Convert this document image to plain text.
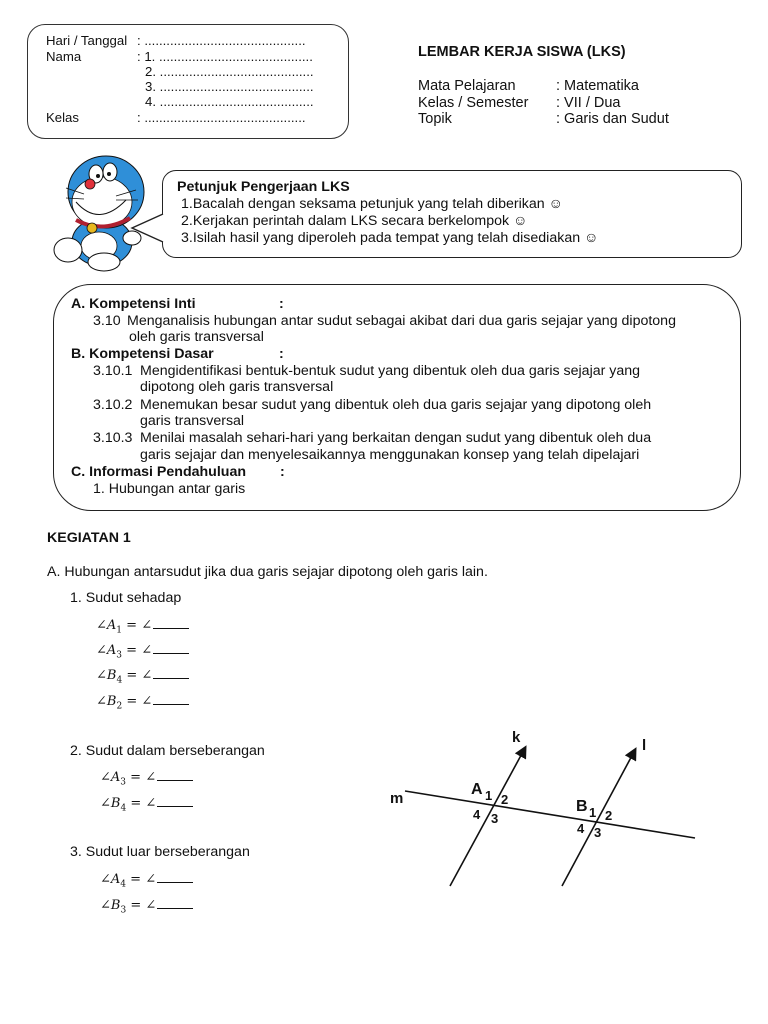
Hari / Tanggal : ............................................
Nama	: 1. ..........................................
2. ..........................................
3. ..........................................
4. ..........................................
Kelas	: ............................................
LEMBAR KERJA SISWA (LKS)
Mata Pelajaran	: Matematika
Kelas / Semester : VII / Dua
Topik	: Garis dan Sudut
Petunjuk Pengerjaan LKS
1.Bacalah dengan seksama petunjuk yang telah diberikan ☺
2.Kerjakan perintah dalam LKS secara berkelompok ☺
3.Isilah hasil yang diperoleh pada tempat yang telah disediakan ☺
A. Kompetensi Inti	:
3.10 Menganalisis hubungan antar sudut sebagai akibat dari dua garis sejajar yang dipotong
oleh garis transversal
B. Kompetensi Dasar	:
3.10.1 Mengidentifikasi bentuk-bentuk sudut yang dibentuk oleh dua garis sejajar yang
dipotong oleh garis transversal
3.10.2 Menemukan besar sudut yang dibentuk oleh dua garis sejajar yang dipotong oleh
garis transversal
3.10.3 Menilai masalah sehari-hari yang berkaitan dengan sudut yang dibentuk oleh dua
garis sejajar dan menyelesaikannya menggunakan konsep yang telah dipelajari
C. Informasi Pendahuluan :
1. Hubungan antar garis
KEGIATAN 1
A. Hubungan antarsudut jika dua garis sejajar dipotong oleh garis lain.
1. Sudut sehadap
$\angle A_1$ = ∠
$\angle A_3$ = ∠
$\angle B_4$ = ∠
$\angle B_2$ = ∠
2. Sudut dalam berseberangan
$\angle A_3$ = ∠
$\angle B_4$ = ∠
3. Sudut luar berseberangan
$\angle A_4$ = ∠
$\angle B_3$ = ∠
k	l
m
A 1 2
4 3
B 1 2
4 3
